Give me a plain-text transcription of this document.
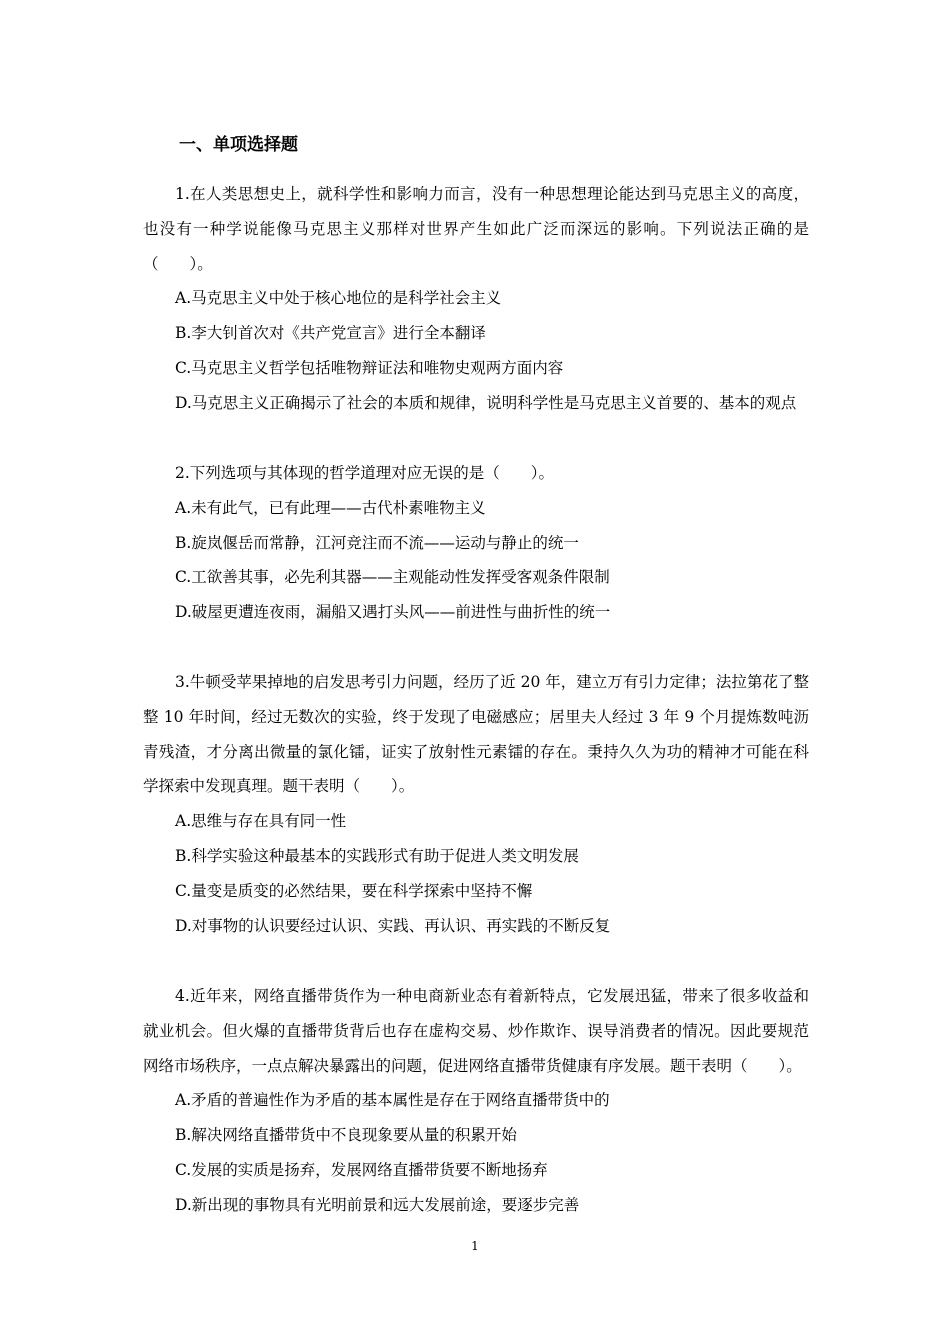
一、单项选择题

1.在人类思想史上，就科学性和影响力而言，没有一种思想理论能达到马克思主义的高度，也没有一种学说能像马克思主义那样对世界产生如此广泛而深远的影响。下列说法正确的是（　　）。

A.马克思主义中处于核心地位的是科学社会主义

B.李大钊首次对《共产党宣言》进行全本翻译

C.马克思主义哲学包括唯物辩证法和唯物史观两方面内容

D.马克思主义正确揭示了社会的本质和规律，说明科学性是马克思主义首要的、基本的观点

2.下列选项与其体现的哲学道理对应无误的是（　　）。

A.未有此气，已有此理——古代朴素唯物主义

B.旋岚偃岳而常静，江河竞注而不流——运动与静止的统一

C.工欲善其事，必先利其器——主观能动性发挥受客观条件限制

D.破屋更遭连夜雨，漏船又遇打头风——前进性与曲折性的统一

3.牛顿受苹果掉地的启发思考引力问题，经历了近 20 年，建立万有引力定律；法拉第花了整整 10 年时间，经过无数次的实验，终于发现了电磁感应；居里夫人经过 3 年 9 个月提炼数吨沥青残渣，才分离出微量的氯化镭，证实了放射性元素镭的存在。秉持久久为功的精神才可能在科学探索中发现真理。题干表明（　　）。

A.思维与存在具有同一性

B.科学实验这种最基本的实践形式有助于促进人类文明发展

C.量变是质变的必然结果，要在科学探索中坚持不懈

D.对事物的认识要经过认识、实践、再认识、再实践的不断反复

4.近年来，网络直播带货作为一种电商新业态有着新特点，它发展迅猛，带来了很多收益和就业机会。但火爆的直播带货背后也存在虚构交易、炒作欺诈、误导消费者的情况。因此要规范网络市场秩序，一点点解决暴露出的问题，促进网络直播带货健康有序发展。题干表明（　　）。

A.矛盾的普遍性作为矛盾的基本属性是存在于网络直播带货中的

B.解决网络直播带货中不良现象要从量的积累开始

C.发展的实质是扬弃，发展网络直播带货要不断地扬弃

D.新出现的事物具有光明前景和远大发展前途，要逐步完善

1
